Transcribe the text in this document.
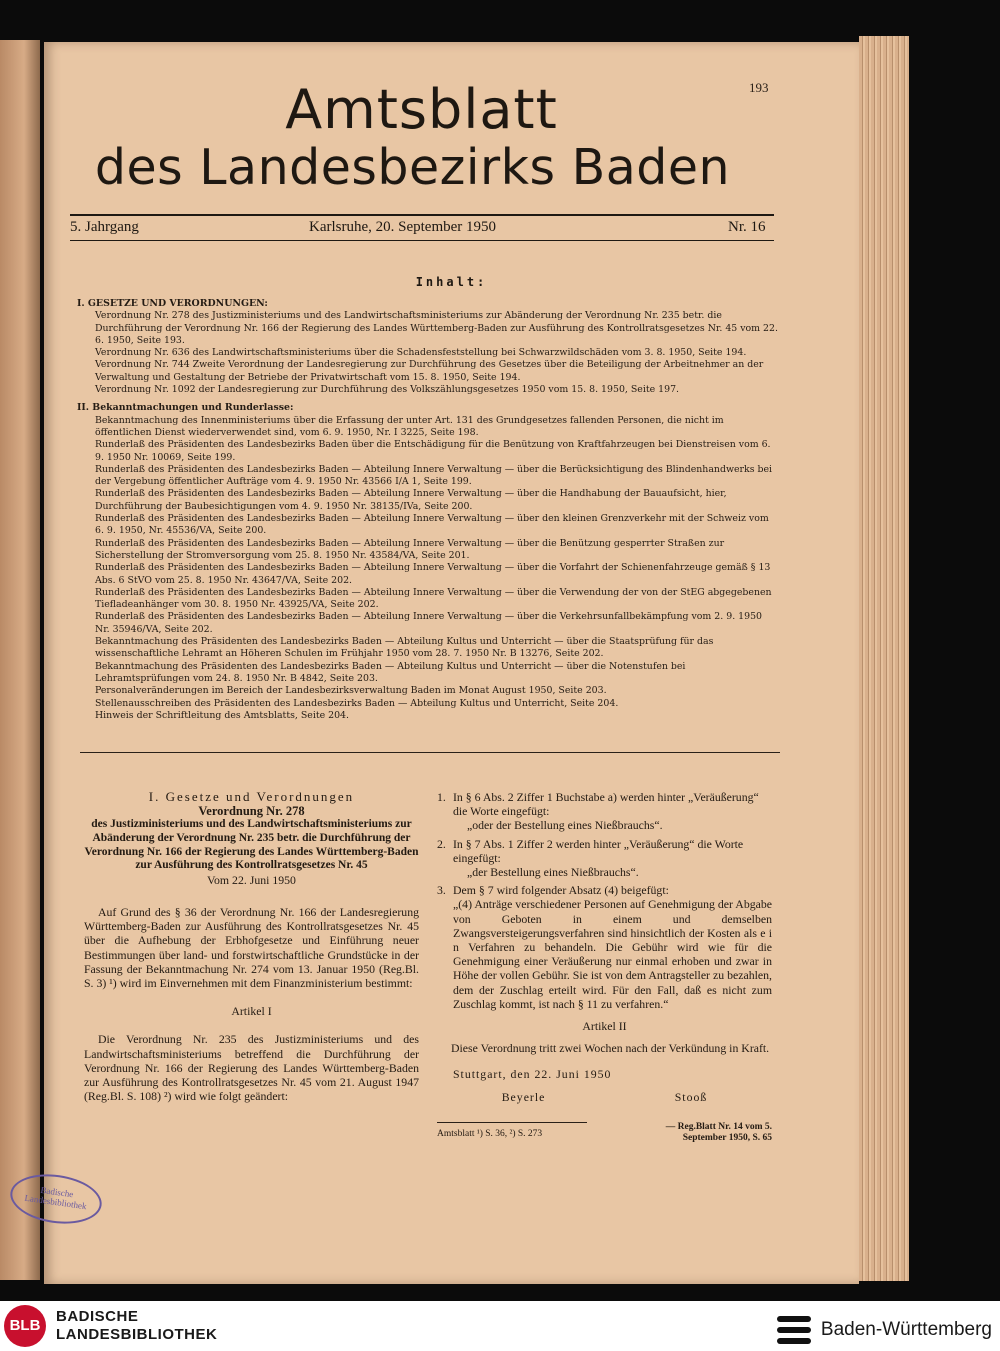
193
Amtsblatt
des Landesbezirks Baden
5. Jahrgang	Karlsruhe, 20. September 1950	Nr. 16
Inhalt:
I. GESETZE UND VERORDNUNGEN:
Verordnung Nr. 278 des Justizministeriums und des Landwirtschaftsministeriums zur Abänderung der Verordnung Nr. 235 betr. die Durchführung der Verordnung Nr. 166 der Regierung des Landes Württemberg-Baden zur Ausführung des Kontrollratsgesetzes Nr. 45 vom 22. 6. 1950, Seite 193.
Verordnung Nr. 636 des Landwirtschaftsministeriums über die Schadensfeststellung bei Schwarzwildschäden vom 3. 8. 1950, Seite 194.
Verordnung Nr. 744 Zweite Verordnung der Landesregierung zur Durchführung des Gesetzes über die Beteiligung der Arbeitnehmer an der Verwaltung und Gestaltung der Betriebe der Privatwirtschaft vom 15. 8. 1950, Seite 194.
Verordnung Nr. 1092 der Landesregierung zur Durchführung des Volkszählungsgesetzes 1950 vom 15. 8. 1950, Seite 197.
II. Bekanntmachungen und Runderlasse:
Bekanntmachung des Innenministeriums über die Erfassung der unter Art. 131 des Grundgesetzes fallenden Personen, die nicht im öffentlichen Dienst wiederverwendet sind, vom 6. 9. 1950, Nr. I 3225, Seite 198.
Runderlaß des Präsidenten des Landesbezirks Baden über die Entschädigung für die Benützung von Kraftfahrzeugen bei Dienstreisen vom 6. 9. 1950 Nr. 10069, Seite 199.
Runderlaß des Präsidenten des Landesbezirks Baden — Abteilung Innere Verwaltung — über die Berücksichtigung des Blindenhandwerks bei der Vergebung öffentlicher Aufträge vom 4. 9. 1950 Nr. 43566 I/A 1, Seite 199.
Runderlaß des Präsidenten des Landesbezirks Baden — Abteilung Innere Verwaltung — über die Handhabung der Bauaufsicht, hier, Durchführung der Baubesichtigungen vom 4. 9. 1950 Nr. 38135/IVa, Seite 200.
Runderlaß des Präsidenten des Landesbezirks Baden — Abteilung Innere Verwaltung — über den kleinen Grenzverkehr mit der Schweiz vom 6. 9. 1950, Nr. 45536/VA, Seite 200.
Runderlaß des Präsidenten des Landesbezirks Baden — Abteilung Innere Verwaltung — über die Benützung gesperrter Straßen zur Sicherstellung der Stromversorgung vom 25. 8. 1950 Nr. 43584/VA, Seite 201.
Runderlaß des Präsidenten des Landesbezirks Baden — Abteilung Innere Verwaltung — über die Vorfahrt der Schienenfahrzeuge gemäß § 13 Abs. 6 StVO vom 25. 8. 1950 Nr. 43647/VA, Seite 202.
Runderlaß des Präsidenten des Landesbezirks Baden — Abteilung Innere Verwaltung — über die Verwendung der von der StEG abgegebenen Tiefladeanhänger vom 30. 8. 1950 Nr. 43925/VA, Seite 202.
Runderlaß des Präsidenten des Landesbezirks Baden — Abteilung Innere Verwaltung — über die Verkehrsunfallbekämpfung vom 2. 9. 1950 Nr. 35946/VA, Seite 202.
Bekanntmachung des Präsidenten des Landesbezirks Baden — Abteilung Kultus und Unterricht — über die Staatsprüfung für das wissenschaftliche Lehramt an Höheren Schulen im Frühjahr 1950 vom 28. 7. 1950 Nr. B 13276, Seite 202.
Bekanntmachung des Präsidenten des Landesbezirks Baden — Abteilung Kultus und Unterricht — über die Notenstufen bei Lehramtsprüfungen vom 24. 8. 1950 Nr. B 4842, Seite 203.
Personalveränderungen im Bereich der Landesbezirksverwaltung Baden im Monat August 1950, Seite 203.
Stellenausschreiben des Präsidenten des Landesbezirks Baden — Abteilung Kultus und Unterricht, Seite 204.
Hinweis der Schriftleitung des Amtsblatts, Seite 204.

I. Gesetze und Verordnungen

Verordnung Nr. 278

des Justizministeriums und des Landwirtschaftsministeriums zur Abänderung der Verordnung Nr. 235 betr. die Durchführung der Verordnung Nr. 166 der Regierung des Landes Württemberg-Baden zur Ausführung des Kontrollratsgesetzes Nr. 45

Vom 22. Juni 1950

Auf Grund des § 36 der Verordnung Nr. 166 der Landesregierung Württemberg-Baden zur Ausführung des Kontrollratsgesetzes Nr. 45 über die Aufhebung der Erbhofgesetze und Einführung neuer Bestimmungen über land- und forstwirtschaftliche Grundstücke in der Fassung der Bekanntmachung Nr. 274 vom 13. Januar 1950 (Reg.Bl. S. 3) ¹) wird im Einvernehmen mit dem Finanzministerium bestimmt:

Artikel I

Die Verordnung Nr. 235 des Justizministeriums und des Landwirtschaftsministeriums betreffend die Durchführung der Verordnung Nr. 166 der Regierung des Landes Württemberg-Baden zur Ausführung des Kontrollratsgesetzes Nr. 45 vom 21. August 1947 (Reg.Bl. S. 108) ²) wird wie folgt geändert:

1. In § 6 Abs. 2 Ziffer 1 Buchstabe a) werden hinter „Veräußerung“ die Worte eingefügt:

„oder der Bestellung eines Nießbrauchs“.

2. In § 7 Abs. 1 Ziffer 2 werden hinter „Veräußerung“ die Worte eingefügt:

„der Bestellung eines Nießbrauchs“.

3. Dem § 7 wird folgender Absatz (4) beigefügt:

„(4) Anträge verschiedener Personen auf Genehmigung der Abgabe von Geboten in einem und demselben Zwangsversteigerungsverfahren sind hinsichtlich der Kosten als e i n Verfahren zu behandeln. Die Gebühr wird wie für die Genehmigung einer Veräußerung nur einmal erhoben und zwar in Höhe der vollen Gebühr. Sie ist von dem Antragsteller zu bezahlen, dem der Zuschlag erteilt wird. Für den Fall, daß es nicht zum Zuschlag kommt, ist nach § 11 zu verfahren.“

Artikel II

Diese Verordnung tritt zwei Wochen nach der Verkündung in Kraft.

Stuttgart, den 22. Juni 1950

Beyerle	Stooß
Amtsblatt ¹) S. 36, ²) S. 273
— Reg.Blatt Nr. 14 vom 5. September 1950, S. 65
Badische Landesbibliothek
BLB
BADISCHE
LANDESBIBLIOTHEK	Baden-Württemberg
